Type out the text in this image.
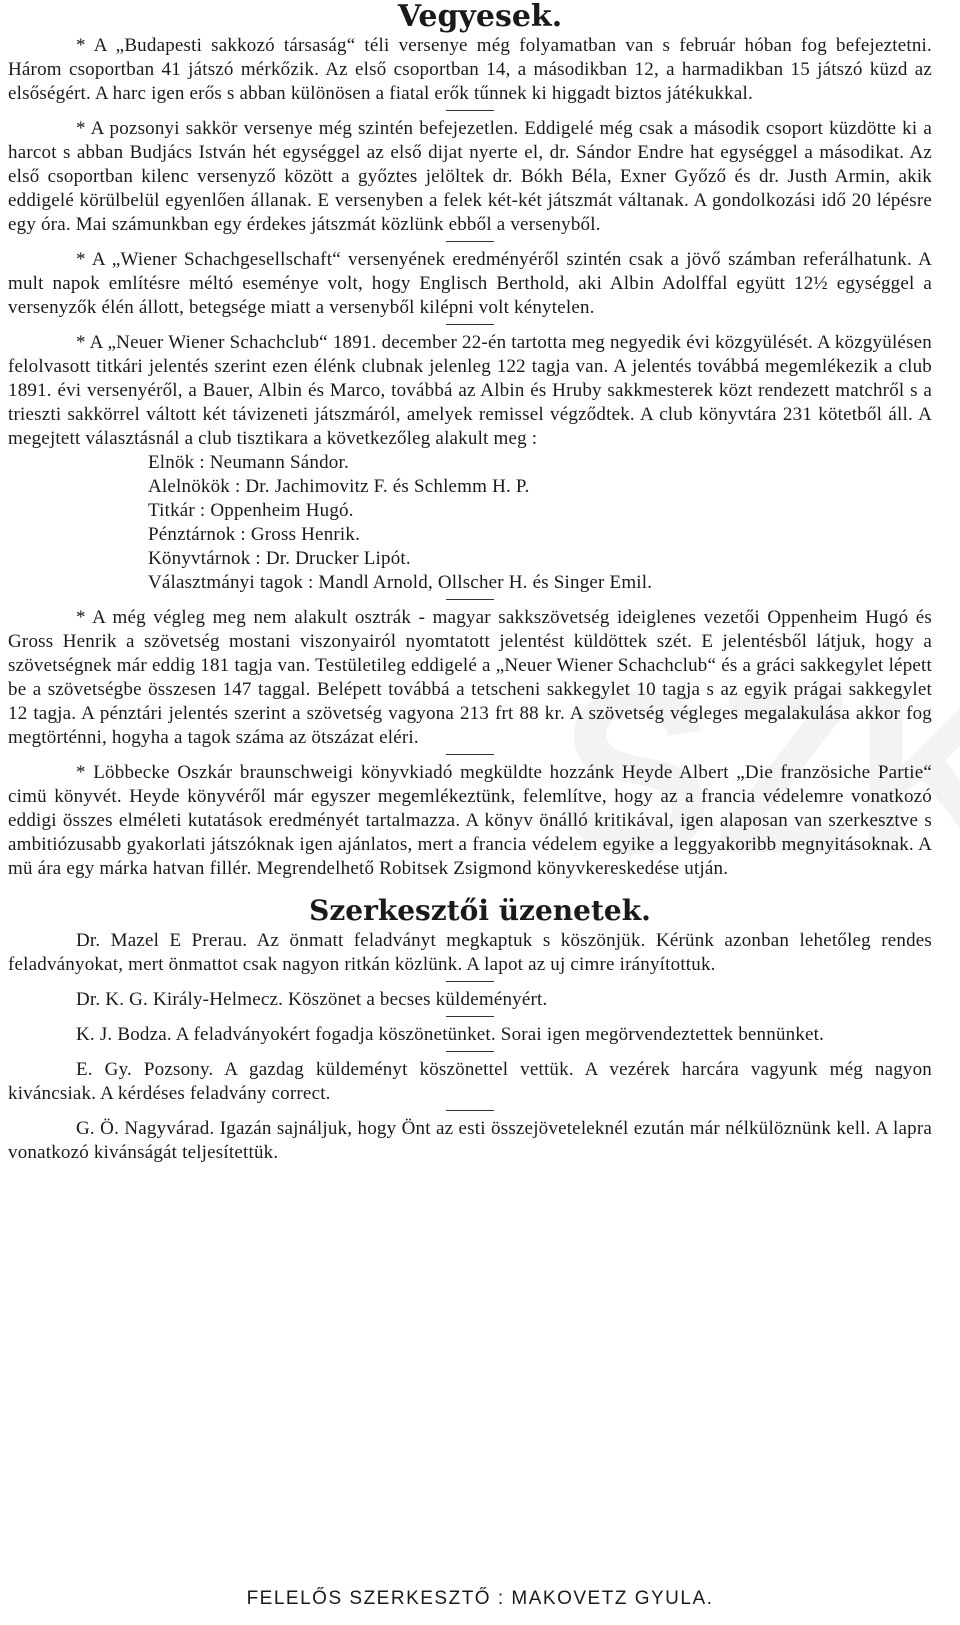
Vegyesek.

* A „Budapesti sakkozó társaság“ téli versenye még folyamatban van s február hóban fog befejeztetni. Három csoportban 41 játszó mérkőzik. Az első csoportban 14, a másodikban 12, a harmadikban 15 játszó küzd az elsőségért. A harc igen erős s abban különösen a fiatal erők tűnnek ki higgadt biztos játékukkal.

* A pozsonyi sakkör versenye még szintén befejezetlen. Eddigelé még csak a második csoport küzdötte ki a harcot s abban Budjács István hét egységgel az első dijat nyerte el, dr. Sándor Endre hat egységgel a másodikat. Az első csoportban kilenc versenyző között a győztes jelöltek dr. Bókh Béla, Exner Győző és dr. Justh Armin, akik eddigelé körülbelül egyenlően állanak. E versenyben a felek két-két játszmát váltanak. A gondolkozási idő 20 lépésre egy óra. Mai számunkban egy érdekes játszmát közlünk ebből a versenyből.

* A „Wiener Schachgesellschaft“ versenyének eredményéről szintén csak a jövő számban referálhatunk. A mult napok említésre méltó eseménye volt, hogy Englisch Berthold, aki Albin Adolffal együtt 12½ egységgel a versenyzők élén állott, betegsége miatt a versenyből kilépni volt kénytelen.

* A „Neuer Wiener Schachclub“ 1891. december 22-én tartotta meg negyedik évi közgyülését. A közgyülésen felolvasott titkári jelentés szerint ezen élénk clubnak jelenleg 122 tagja van. A jelentés továbbá megemlékezik a club 1891. évi versenyéről, a Bauer, Albin és Marco, továbbá az Albin és Hruby sakkmesterek közt rendezett matchről s a trieszti sakkörrel váltott két távizeneti játszmáról, amelyek remissel végződtek. A club könyvtára 231 kötetből áll. A megejtett választásnál a club tisztikara a következőleg alakult meg :

Elnök : Neumann Sándor.
Alelnökök : Dr. Jachimovitz F. és Schlemm H. P.
Titkár : Oppenheim Hugó.
Pénztárnok : Gross Henrik.
Könyvtárnok : Dr. Drucker Lipót.
Választmányi tagok : Mandl Arnold, Ollscher H. és Singer Emil.

* A még végleg meg nem alakult osztrák - magyar sakkszövetség ideiglenes vezetői Oppenheim Hugó és Gross Henrik a szövetség mostani viszonyairól nyomtatott jelentést küldöttek szét. E jelentésből látjuk, hogy a szövetségnek már eddig 181 tagja van. Testületileg eddigelé a „Neuer Wiener Schachclub“ és a gráci sakkegylet lépett be a szövetségbe összesen 147 taggal. Belépett továbbá a tetscheni sakkegylet 10 tagja s az egyik prágai sakkegylet 12 tagja. A pénztári jelentés szerint a szövetség vagyona 213 frt 88 kr. A szövetség végleges megalakulása akkor fog megtörténni, hogyha a tagok száma az ötszázat eléri.

* Löbbecke Oszkár braunschweigi könyvkiadó megküldte hozzánk Heyde Albert „Die französiche Partie“ cimü könyvét. Heyde könyvéről már egyszer megemlékeztünk, felemlítve, hogy az a francia védelemre vonatkozó eddigi összes elméleti kutatások eredményét tartalmazza. A könyv önálló kritikával, igen alaposan van szerkesztve s ambitiózusabb gyakorlati játszóknak igen ajánlatos, mert a francia védelem egyike a leggyakoribb megnyitásoknak. A mü ára egy márka hatvan fillér. Megrendelhető Robitsek Zsigmond könyvkereskedése utján.

Szerkesztői üzenetek.

Dr. Mazel E Prerau. Az önmatt feladványt megkaptuk s köszönjük. Kérünk azonban lehetőleg rendes feladványokat, mert önmattot csak nagyon ritkán közlünk. A lapot az uj cimre irányítottuk.

Dr. K. G. Király-Helmecz. Köszönet a becses küldeményért.

K. J. Bodza. A feladványokért fogadja köszönetünket. Sorai igen megörvendeztettek bennünket.

E. Gy. Pozsony. A gazdag küldeményt köszönettel vettük. A vezérek harcára vagyunk még nagyon kiváncsiak. A kérdéses feladvány correct.

G. Ö. Nagyvárad. Igazán sajnáljuk, hogy Önt az esti összejöveteleknél ezután már nélkülöznünk kell. A lapra vonatkozó kivánságát teljesítettük.

FELELŐS SZERKESZTŐ : MAKOVETZ GYULA.
